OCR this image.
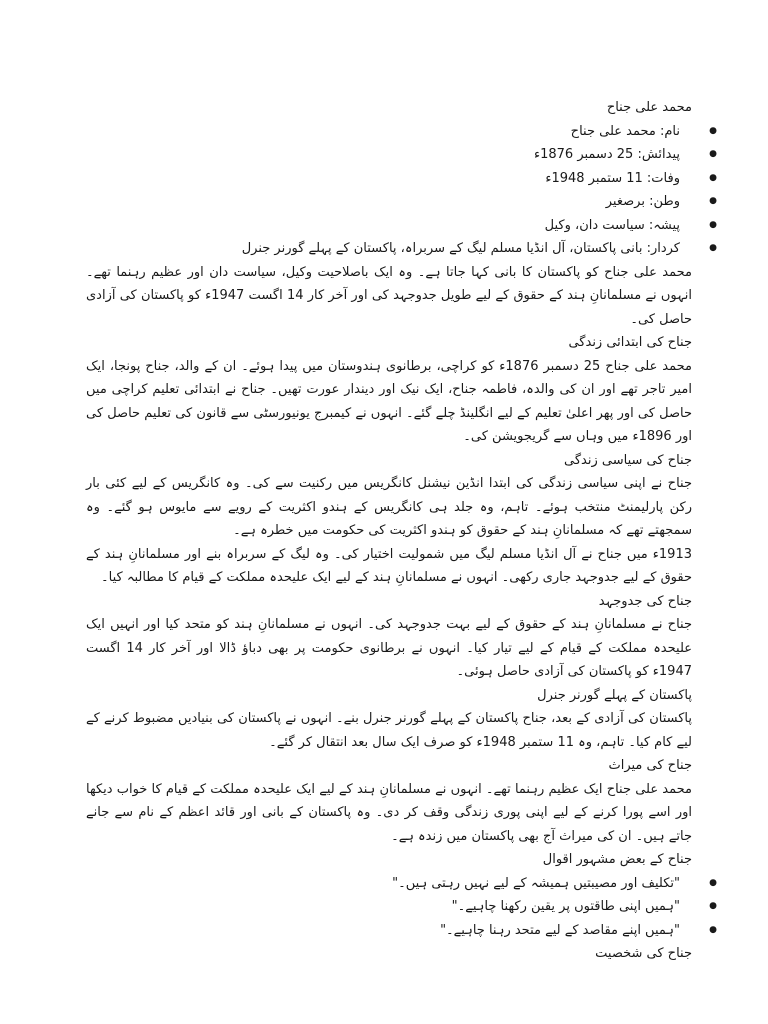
محمد علی جناح

●
نام : محمد علی جناح
●
پیدائش : 25 دسمبر 1876ء
●
وفات : 11 ستمبر 1948ء
●
وطن : برصغیر
●
پیشہ : سیاست دان، وکیل
●
کردار : بانی پاکستان، آل انڈیا مسلم لیگ کے سربراہ، پاکستان کے پہلے گورنر جنرل

محمد علی جناح کو پاکستان کا بانی کہا جاتا ہے۔ وہ ایک باصلاحیت وکیل، سیاست دان اور عظیم رہنما تھے۔ انہوں نے مسلمانانِ ہند کے حقوق کے لیے طویل جدوجہد کی اور آخر کار 14 اگست 1947ء کو پاکستان کی آزادی حاصل کی۔

جناح کی ابتدائی زندگی

محمد علی جناح 25 دسمبر 1876ء کو کراچی، برطانوی ہندوستان میں پیدا ہوئے۔ ان کے والد، جناح پونجا، ایک امیر تاجر تھے اور ان کی والدہ، فاطمہ جناح، ایک نیک اور دیندار عورت تھیں۔ جناح نے ابتدائی تعلیم کراچی میں حاصل کی اور پھر اعلیٰ تعلیم کے لیے انگلینڈ چلے گئے۔ انہوں نے کیمبرج یونیورسٹی سے قانون کی تعلیم حاصل کی اور 1896ء میں وہاں سے گریجویشن کی۔

جناح کی سیاسی زندگی

جناح نے اپنی سیاسی زندگی کی ابتدا انڈین نیشنل کانگریس میں رکنیت سے کی۔ وہ کانگریس کے لیے کئی بار رکن پارلیمنٹ منتخب ہوئے۔ تاہم، وہ جلد ہی کانگریس کے ہندو اکثریت کے رویے سے مایوس ہو گئے۔ وہ سمجھتے تھے کہ مسلمانانِ ہند کے حقوق کو ہندو اکثریت کی حکومت میں خطرہ ہے۔

1913ء میں جناح نے آل انڈیا مسلم لیگ میں شمولیت اختیار کی۔ وہ لیگ کے سربراہ بنے اور مسلمانانِ ہند کے حقوق کے لیے جدوجہد جاری رکھی۔ انہوں نے مسلمانانِ ہند کے لیے ایک علیحدہ مملکت کے قیام کا مطالبہ کیا۔

جناح کی جدوجہد

جناح نے مسلمانانِ ہند کے حقوق کے لیے بہت جدوجہد کی۔ انہوں نے مسلمانانِ ہند کو متحد کیا اور انہیں ایک علیحدہ مملکت کے قیام کے لیے تیار کیا۔ انہوں نے برطانوی حکومت پر بھی دباؤ ڈالا اور آخر کار 14 اگست 1947ء کو پاکستان کی آزادی حاصل ہوئی۔

پاکستان کے پہلے گورنر جنرل

پاکستان کی آزادی کے بعد، جناح پاکستان کے پہلے گورنر جنرل بنے۔ انہوں نے پاکستان کی بنیادیں مضبوط کرنے کے لیے کام کیا۔ تاہم، وہ 11 ستمبر 1948ء کو صرف ایک سال بعد انتقال کر گئے۔

جناح کی میراث

محمد علی جناح ایک عظیم رہنما تھے۔ انہوں نے مسلمانانِ ہند کے لیے ایک علیحدہ مملکت کے قیام کا خواب دیکھا اور اسے پورا کرنے کے لیے اپنی پوری زندگی وقف کر دی۔ وہ پاکستان کے بانی اور قائد اعظم کے نام سے جانے جاتے ہیں۔ ان کی میراث آج بھی پاکستان میں زندہ ہے۔

جناح کے بعض مشہور اقوال

●
"تکلیف اور مصیبتیں ہمیشہ کے لیے نہیں رہتی ہیں۔"
●
"ہمیں اپنی طاقتوں پر یقین رکھنا چاہیے۔"
●
"ہمیں اپنے مقاصد کے لیے متحد رہنا چاہیے۔"

جناح کی شخصیت
